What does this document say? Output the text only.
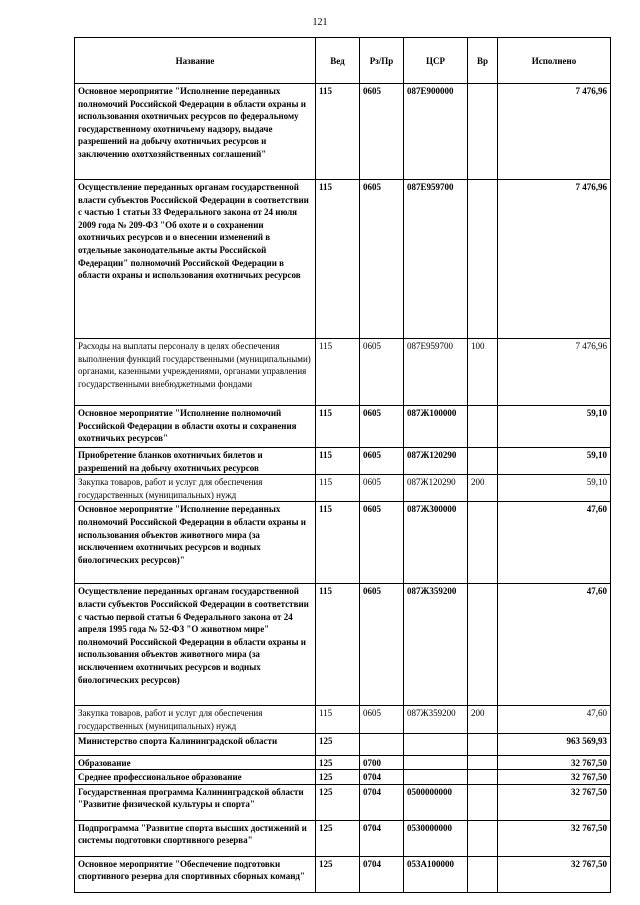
121
Название	Вед	Рз/Пр	ЦСР	Вр	Исполнено
Основное мероприятие "Исполнение переданных полномочий Российской Федерации в области охраны и использования охотничьих ресурсов по федеральному государственному охотничьему надзору, выдаче разрешений на добычу охотничьих ресурсов и заключению охотхозяйственных соглашений"	115	0605	087Е900000		7 476,96
Осуществление переданных органам государственной власти субъектов Российской Федерации в соответствии с частью 1 статьи 33 Федерального закона от 24 июля 2009 года № 209-ФЗ "Об охоте и о сохранении охотничьих ресурсов и о внесении изменений в отдельные законодательные акты Российской Федерации" полномочий Российской Федерации в области охраны и использования охотничьих ресурсов	115	0605	087Е959700		7 476,96
Расходы на выплаты персоналу в целях обеспечения выполнения функций государственными (муниципальными) органами, казенными учреждениями, органами управления государственными внебюджетными фондами	115	0605	087Е959700	100	7 476,96
Основное мероприятие "Исполнение полномочий Российской Федерации в области охоты и сохранения охотничьих ресурсов"	115	0605	087Ж100000		59,10
Приобретение бланков охотничьих билетов и разрешений на добычу охотничьих ресурсов	115	0605	087Ж120290		59,10
Закупка товаров, работ и услуг для обеспечения государственных (муниципальных) нужд	115	0605	087Ж120290	200	59,10
Основное мероприятие "Исполнение переданных полномочий Российской Федерации в области охраны и использования объектов животного мира (за исключением охотничьих ресурсов и водных биологических ресурсов)"	115	0605	087Ж300000		47,60
Осуществление переданных органам государственной власти субъектов Российской Федерации в соответствии с частью первой статьи 6 Федерального закона от 24 апреля 1995 года № 52-ФЗ "О животном мире" полномочий Российской Федерации в области охраны и использования объектов животного мира (за исключением охотничьих ресурсов и водных биологических ресурсов)	115	0605	087Ж359200		47,60
Закупка товаров, работ и услуг для обеспечения государственных (муниципальных) нужд	115	0605	087Ж359200	200	47,60
Министерство спорта Калининградской области	125				963 569,93
Образование	125	0700			32 767,50
Среднее профессиональное образование	125	0704			32 767,50
Государственная программа Калининградской области "Развитие физической культуры и спорта"	125	0704	0500000000		32 767,50
Подпрограмма "Развитие спорта высших достижений и системы подготовки спортивного резерва"	125	0704	0530000000		32 767,50
Основное мероприятие "Обеспечение подготовки спортивного резерва для спортивных сборных команд"	125	0704	053А100000		32 767,50
